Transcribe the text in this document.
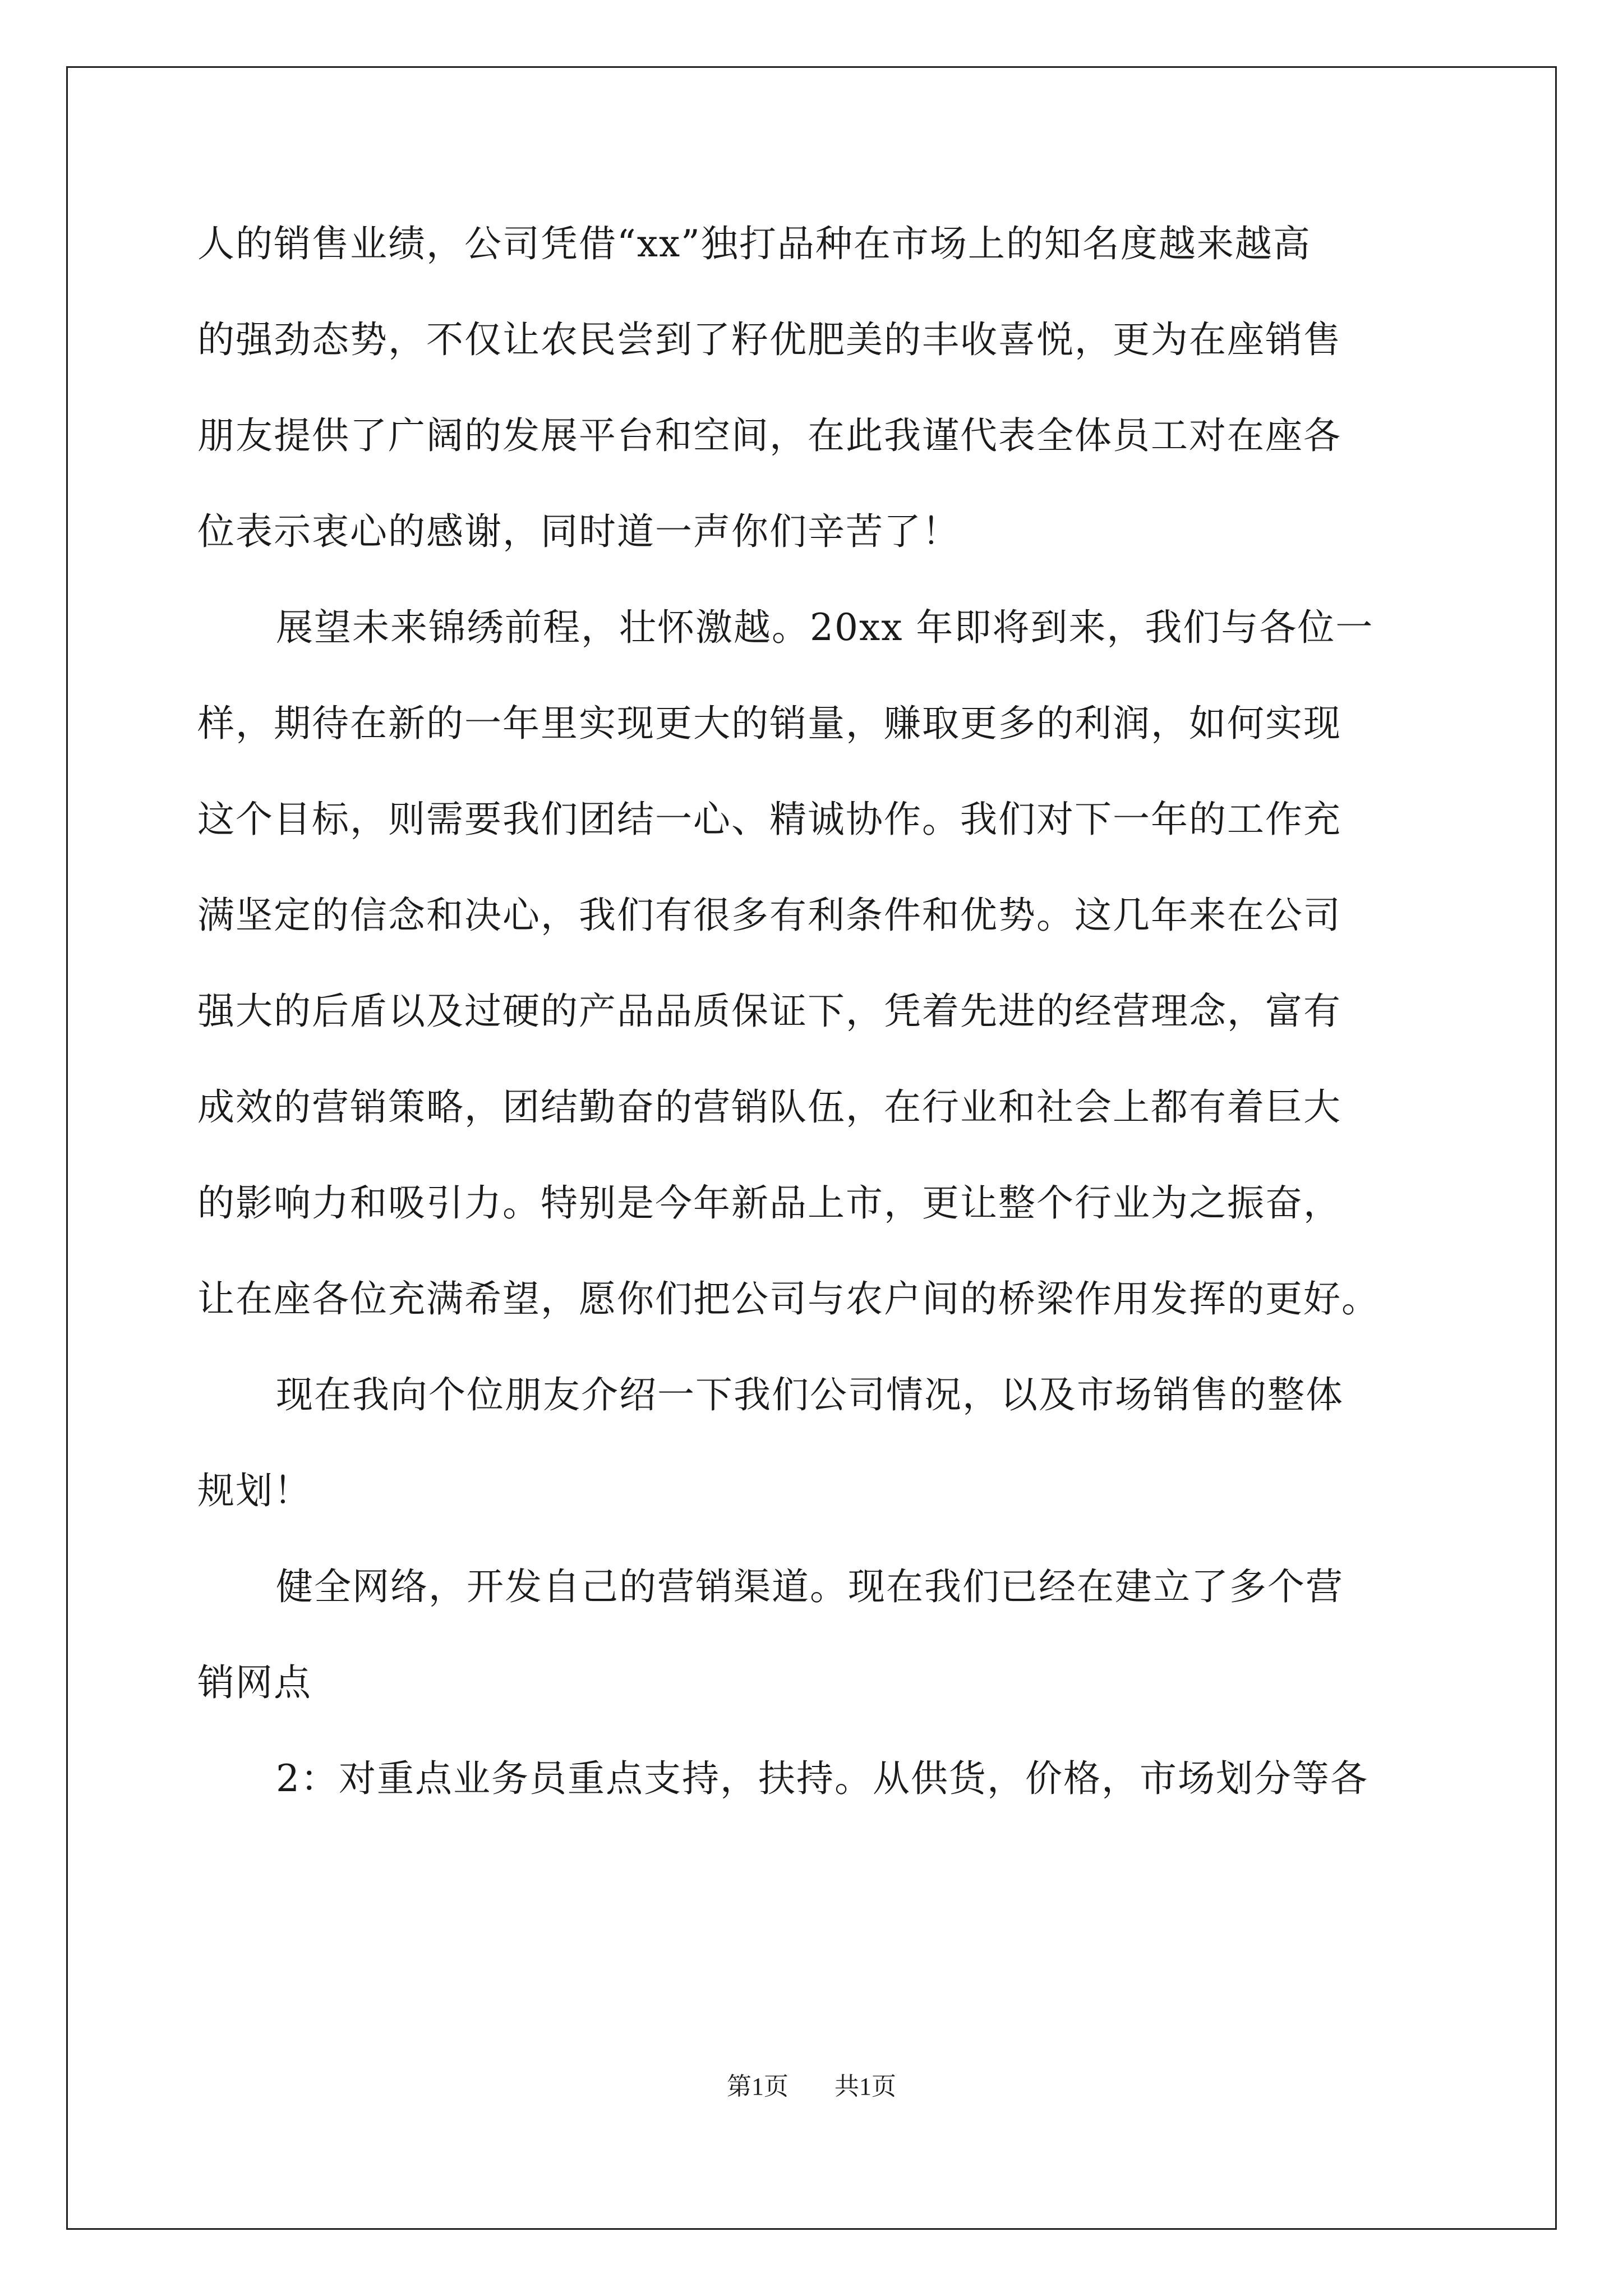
人的销售业绩，公司凭借“xx”独打品种在市场上的知名度越来越高
的强劲态势，不仅让农民尝到了籽优肥美的丰收喜悦，更为在座销售
朋友提供了广阔的发展平台和空间，在此我谨代表全体员工对在座各
位表示衷心的感谢，同时道一声你们辛苦了！
展望未来锦绣前程，壮怀激越。20xx 年即将到来，我们与各位一
样，期待在新的一年里实现更大的销量，赚取更多的利润，如何实现
这个目标，则需要我们团结一心、精诚协作。我们对下一年的工作充
满坚定的信念和决心，我们有很多有利条件和优势。这几年来在公司
强大的后盾以及过硬的产品品质保证下，凭着先进的经营理念，富有
成效的营销策略，团结勤奋的营销队伍，在行业和社会上都有着巨大
的影响力和吸引力。特别是今年新品上市，更让整个行业为之振奋，
让在座各位充满希望，愿你们把公司与农户间的桥梁作用发挥的更好。
现在我向个位朋友介绍一下我们公司情况，以及市场销售的整体
规划！
健全网络，开发自己的营销渠道。现在我们已经在建立了多个营
销网点
2：对重点业务员重点支持，扶持。从供货，价格，市场划分等各
第1页 共1页
